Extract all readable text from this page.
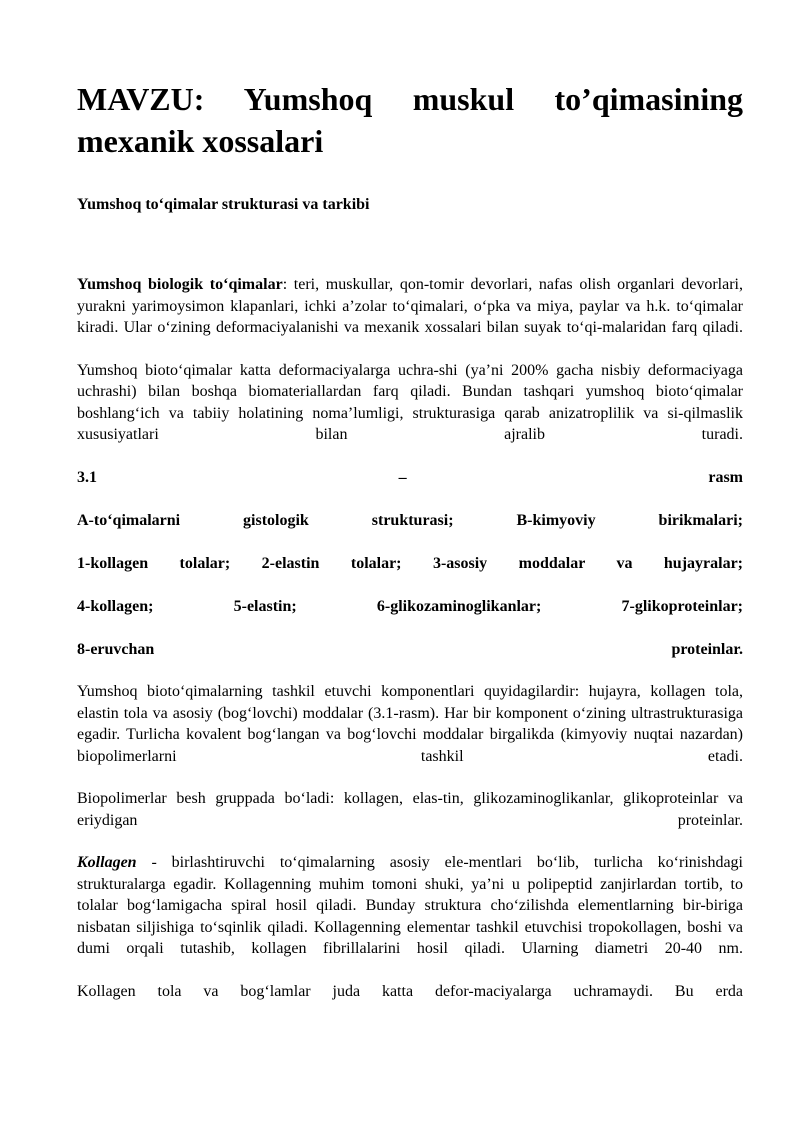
MAVZU: Yumshoq muskul to’qimasining
mexanik xossalari
Yumshoq to‘qimalar strukturasi va tarkibi

Yumshoq biologik to‘qimalar: teri, muskullar, qon-tomir devorlari, nafas olish organlari devorlari, yurakni yarimoysimon klapanlari, ichki a’zolar to‘qimalari, o‘pka va miya, paylar va h.k. to‘qimalar kiradi. Ular o‘zining deformaciyalanishi va mexanik xossalari bilan suyak to‘qi-malaridan farq qiladi.

Yumshoq bioto‘qimalar katta deformaciyalarga uchra-shi (ya’ni 200% gacha nisbiy deformaciyaga uchrashi) bilan boshqa biomateriallardan farq qiladi. Bundan tashqari yumshoq bioto‘qimalar boshlang‘ich va tabiiy holatining noma’lumligi, strukturasiga qarab anizatroplilik va si-qilmaslik xususiyatlari bilan ajralib turadi.

3.1 – rasm

A-to‘qimalarni gistologik strukturasi; B-kimyoviy birikmalari;

1-kollagen tolalar; 2-elastin tolalar; 3-asosiy moddalar va hujayralar;

4-kollagen; 5-elastin; 6-glikozaminoglikanlar; 7-glikoproteinlar;

8-eruvchan proteinlar.

Yumshoq bioto‘qimalarning tashkil etuvchi komponentlari quyidagilardir: hujayra, kollagen tola, elastin tola va asosiy (bog‘lovchi) moddalar (3.1-rasm). Har bir komponent o‘zining ultrastrukturasiga egadir. Turlicha kovalent bog‘langan va bog‘lovchi moddalar birgalikda (kimyoviy nuqtai nazardan) biopolimerlarni tashkil etadi.

Biopolimerlar besh gruppada bo‘ladi: kollagen, elas-tin, glikozaminoglikanlar, glikoproteinlar va eriydigan proteinlar.

Kollagen - birlashtiruvchi to‘qimalarning asosiy ele-mentlari bo‘lib, turlicha ko‘rinishdagi strukturalarga egadir. Kollagenning muhim tomoni shuki, ya’ni u polipeptid zanjirlardan tortib, to tolalar bog‘lamigacha spiral hosil qiladi. Bunday struktura cho‘zilishda elementlarning bir-biriga nisbatan siljishiga to‘sqinlik qiladi. Kollagenning elementar tashkil etuvchisi tropokollagen, boshi va dumi orqali tutashib, kollagen fibrillalarini hosil qiladi. Ularning diametri 20-40 nm.

Kollagen tola va bog‘lamlar juda katta defor-maciyalarga uchramaydi. Bu erda
